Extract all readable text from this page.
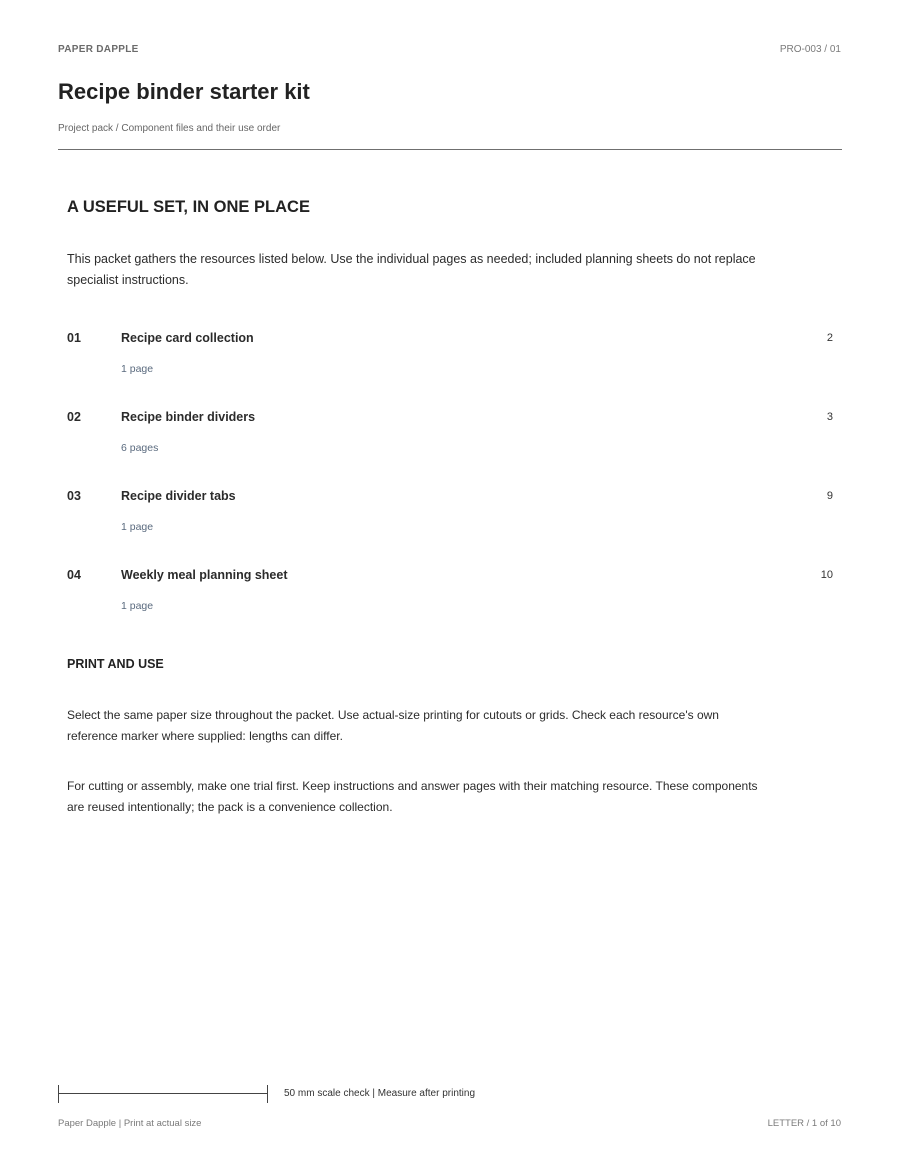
PAPER DAPPLE	PRO-003 / 01
Recipe binder starter kit
Project pack / Component files and their use order
A USEFUL SET, IN ONE PLACE

This packet gathers the resources listed below. Use the individual pages as needed; included planning sheets do not replace specialist instructions.

01	Recipe card collection	2
1 page
02	Recipe binder dividers	3
6 pages
03	Recipe divider tabs	9
1 page
04	Weekly meal planning sheet	10
1 page
PRINT AND USE

Select the same paper size throughout the packet. Use actual-size printing for cutouts or grids. Check each resource's own reference marker where supplied: lengths can differ.

For cutting or assembly, make one trial first. Keep instructions and answer pages with their matching resource. These components are reused intentionally; the pack is a convenience collection.

50 mm scale check | Measure after printing
Paper Dapple | Print at actual size	LETTER / 1 of 10
